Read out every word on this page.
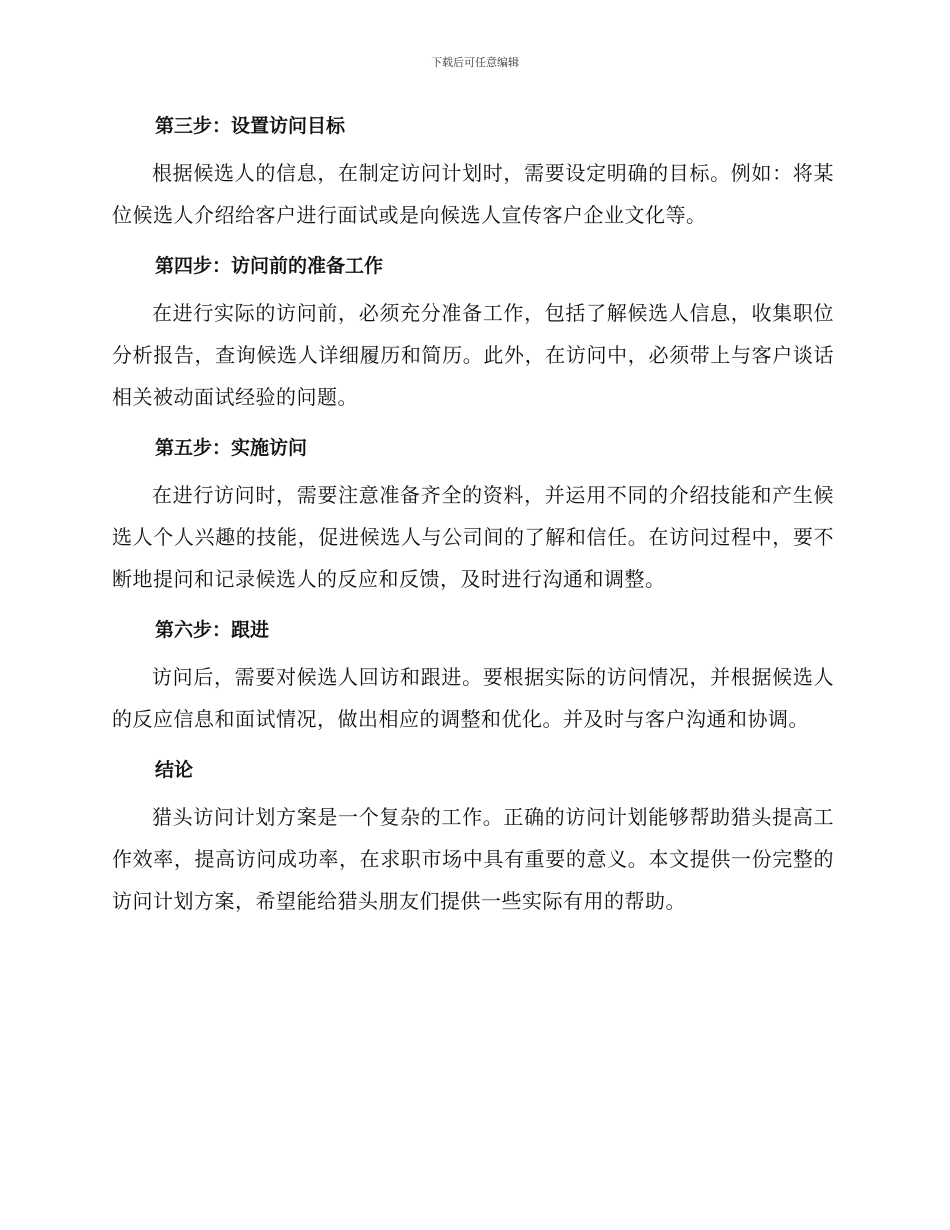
下载后可任意编辑
第三步：设置访问目标
根据候选人的信息，在制定访问计划时，需要设定明确的目标。例如：将某位候选人介绍给客户进行面试或是向候选人宣传客户企业文化等。
第四步：访问前的准备工作
在进行实际的访问前，必须充分准备工作，包括了解候选人信息，收集职位分析报告，查询候选人详细履历和简历。此外，在访问中，必须带上与客户谈话相关被动面试经验的问题。
第五步：实施访问
在进行访问时，需要注意准备齐全的资料，并运用不同的介绍技能和产生候选人个人兴趣的技能，促进候选人与公司间的了解和信任。在访问过程中，要不断地提问和记录候选人的反应和反馈，及时进行沟通和调整。
第六步：跟进
访问后，需要对候选人回访和跟进。要根据实际的访问情况，并根据候选人的反应信息和面试情况，做出相应的调整和优化。并及时与客户沟通和协调。
结论
猎头访问计划方案是一个复杂的工作。正确的访问计划能够帮助猎头提高工作效率，提高访问成功率，在求职市场中具有重要的意义。本文提供一份完整的访问计划方案，希望能给猎头朋友们提供一些实际有用的帮助。
